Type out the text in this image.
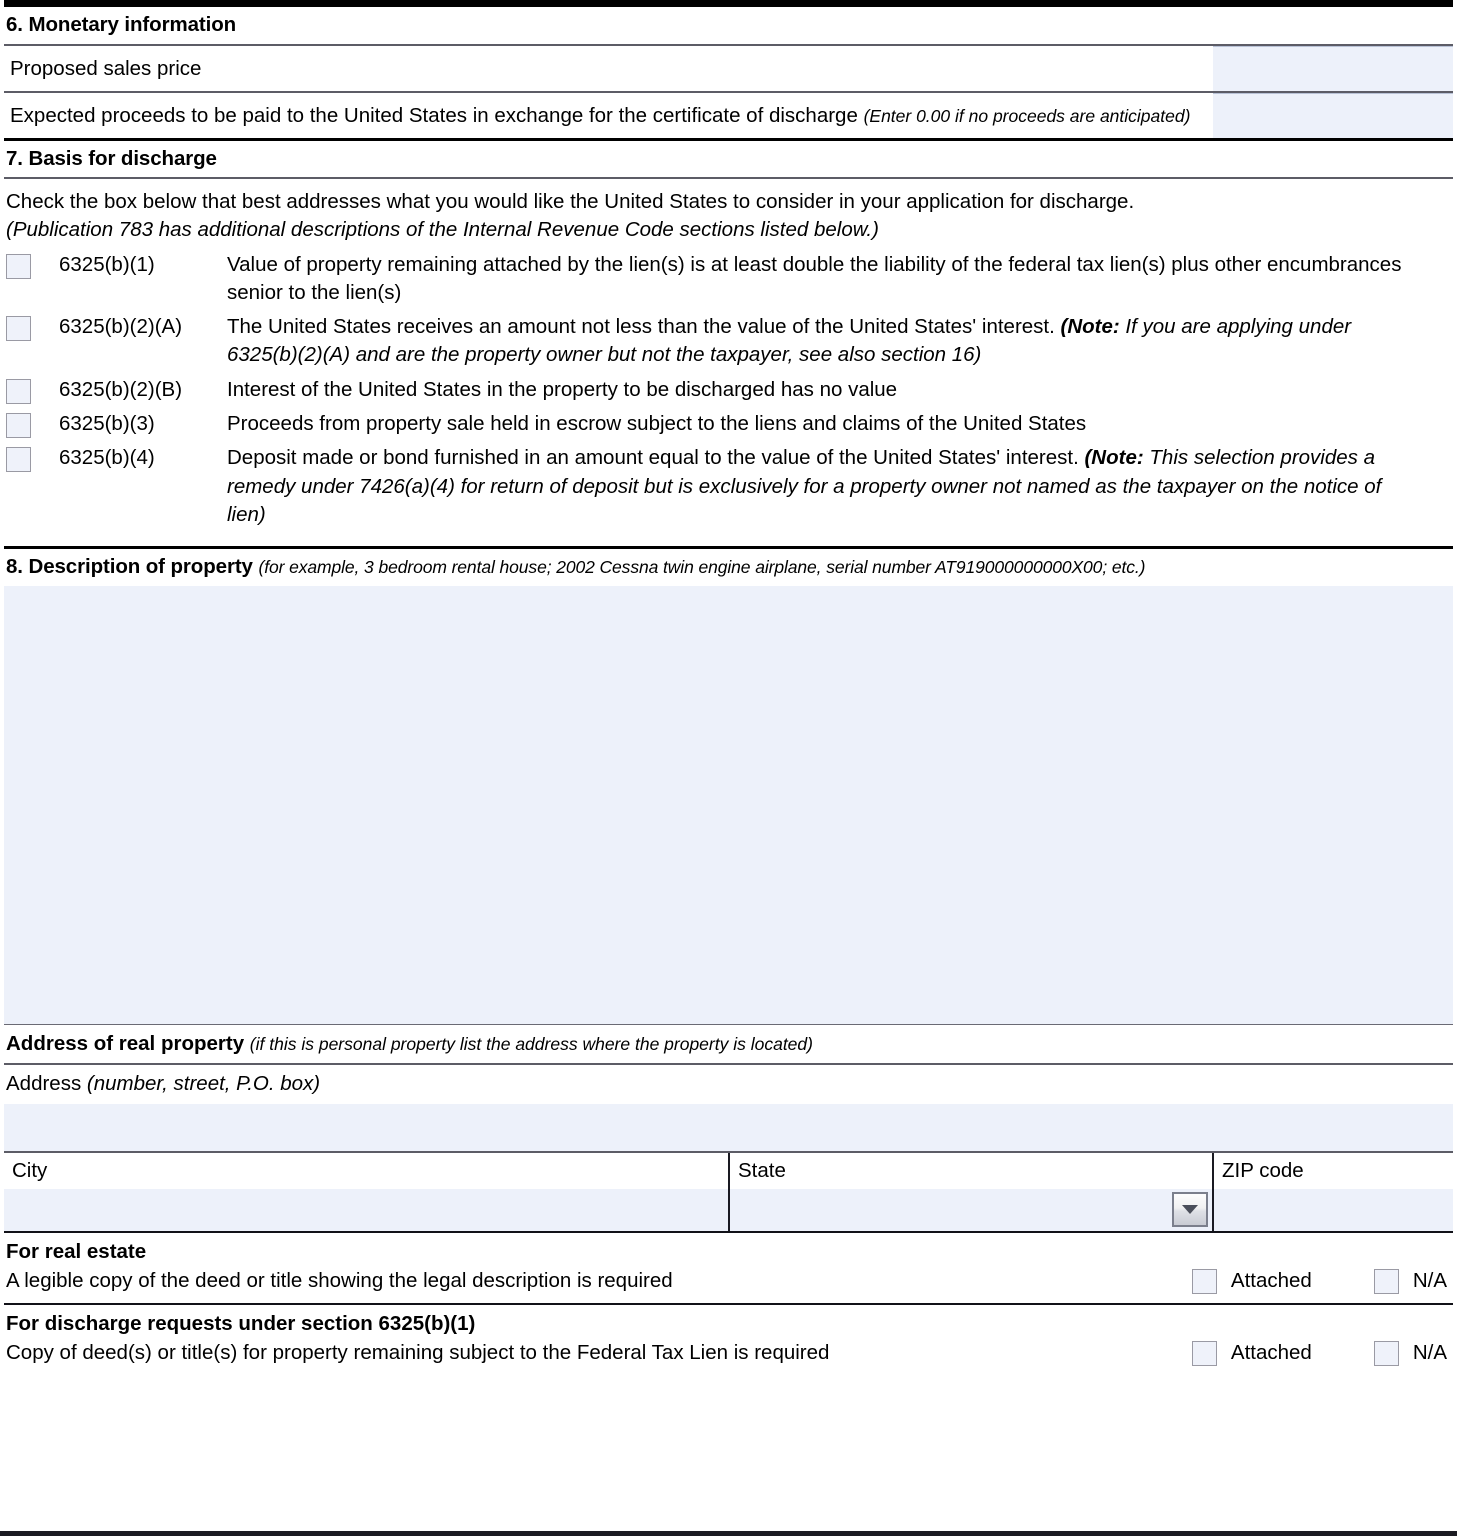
6. Monetary information
Proposed sales price
Expected proceeds to be paid to the United States in exchange for the certificate of discharge (Enter 0.00 if no proceeds are anticipated)
7. Basis for discharge
Check the box below that best addresses what you would like the United States to consider in your application for discharge.
(Publication 783 has additional descriptions of the Internal Revenue Code sections listed below.)
6325(b)(1)	Value of property remaining attached by the lien(s) is at least double the liability of the federal tax lien(s) plus other encumbrances senior to the lien(s)
6325(b)(2)(A)	The United States receives an amount not less than the value of the United States' interest. (Note: If you are applying under 6325(b)(2)(A) and are the property owner but not the taxpayer, see also section 16)
6325(b)(2)(B)	Interest of the United States in the property to be discharged has no value
6325(b)(3)	Proceeds from property sale held in escrow subject to the liens and claims of the United States
6325(b)(4)	Deposit made or bond furnished in an amount equal to the value of the United States' interest. (Note: This selection provides a remedy under 7426(a)(4) for return of deposit but is exclusively for a property owner not named as the taxpayer on the notice of lien)
8. Description of property (for example, 3 bedroom rental house; 2002 Cessna twin engine airplane, serial number AT919000000000X00; etc.)
Address of real property (if this is personal property list the address where the property is located)
Address (number, street, P.O. box)
City	State	ZIP code
For real estate
A legible copy of the deed or title showing the legal description is required	Attached	N/A
For discharge requests under section 6325(b)(1)
Copy of deed(s) or title(s) for property remaining subject to the Federal Tax Lien is required	Attached	N/A
